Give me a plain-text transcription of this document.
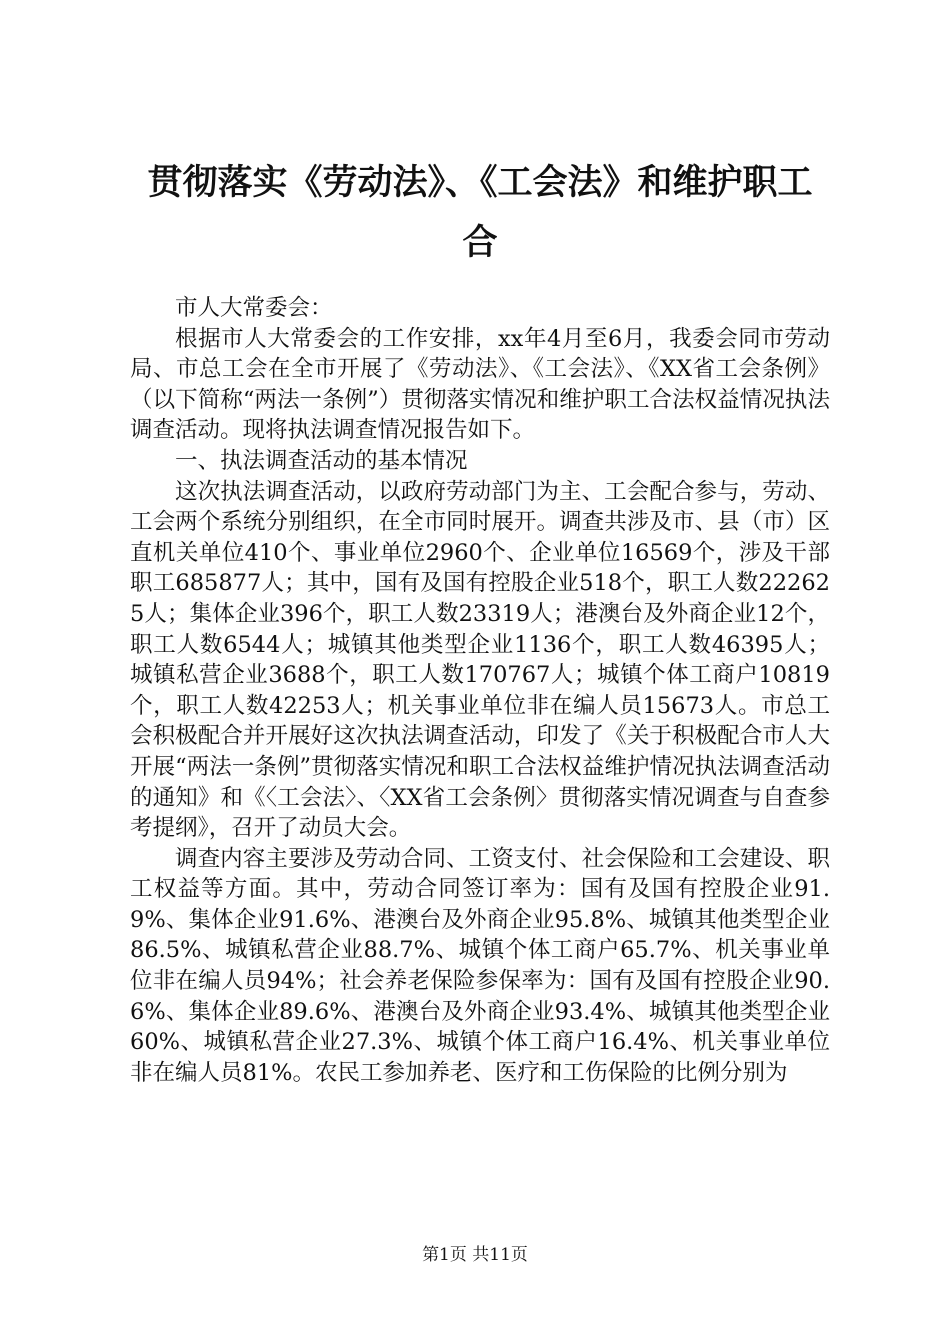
贯彻落实《劳动法》、《工会法》和维护职工
合

市人大常委会：

根据市人大常委会的工作安排，xx年4月至6月，我委会同市劳动局、市总工会在全市开展了《劳动法》、《工会法》、《XX省工会条例》（以下简称“两法一条例”）贯彻落实情况和维护职工合法权益情况执法调查活动。现将执法调查情况报告如下。

一、执法调查活动的基本情况

这次执法调查活动，以政府劳动部门为主、工会配合参与，劳动、工会两个系统分别组织，在全市同时展开。调查共涉及市、县（市）区直机关单位410个、事业单位2960个、企业单位16569个，涉及干部职工685877人；其中，国有及国有控股企业518个，职工人数222625人；集体企业396个，职工人数23319人；港澳台及外商企业12个，职工人数6544人；城镇其他类型企业1136个，职工人数46395人；城镇私营企业3688个，职工人数170767人；城镇个体工商户10819个，职工人数42253人；机关事业单位非在编人员15673人。市总工会积极配合并开展好这次执法调查活动，印发了《关于积极配合市人大开展“两法一条例”贯彻落实情况和职工合法权益维护情况执法调查活动的通知》和《〈工会法〉、〈XX省工会条例〉贯彻落实情况调查与自查参考提纲》，召开了动员大会。

调查内容主要涉及劳动合同、工资支付、社会保险和工会建设、职工权益等方面。其中，劳动合同签订率为：国有及国有控股企业91.9%、集体企业91.6%、港澳台及外商企业95.8%、城镇其他类型企业86.5%、城镇私营企业88.7%、城镇个体工商户65.7%、机关事业单位非在编人员94%；社会养老保险参保率为：国有及国有控股企业90.6%、集体企业89.6%、港澳台及外商企业93.4%、城镇其他类型企业60%、城镇私营企业27.3%、城镇个体工商户16.4%、机关事业单位非在编人员81%。农民工参加养老、医疗和工伤保险的比例分别为

第1页 共11页
